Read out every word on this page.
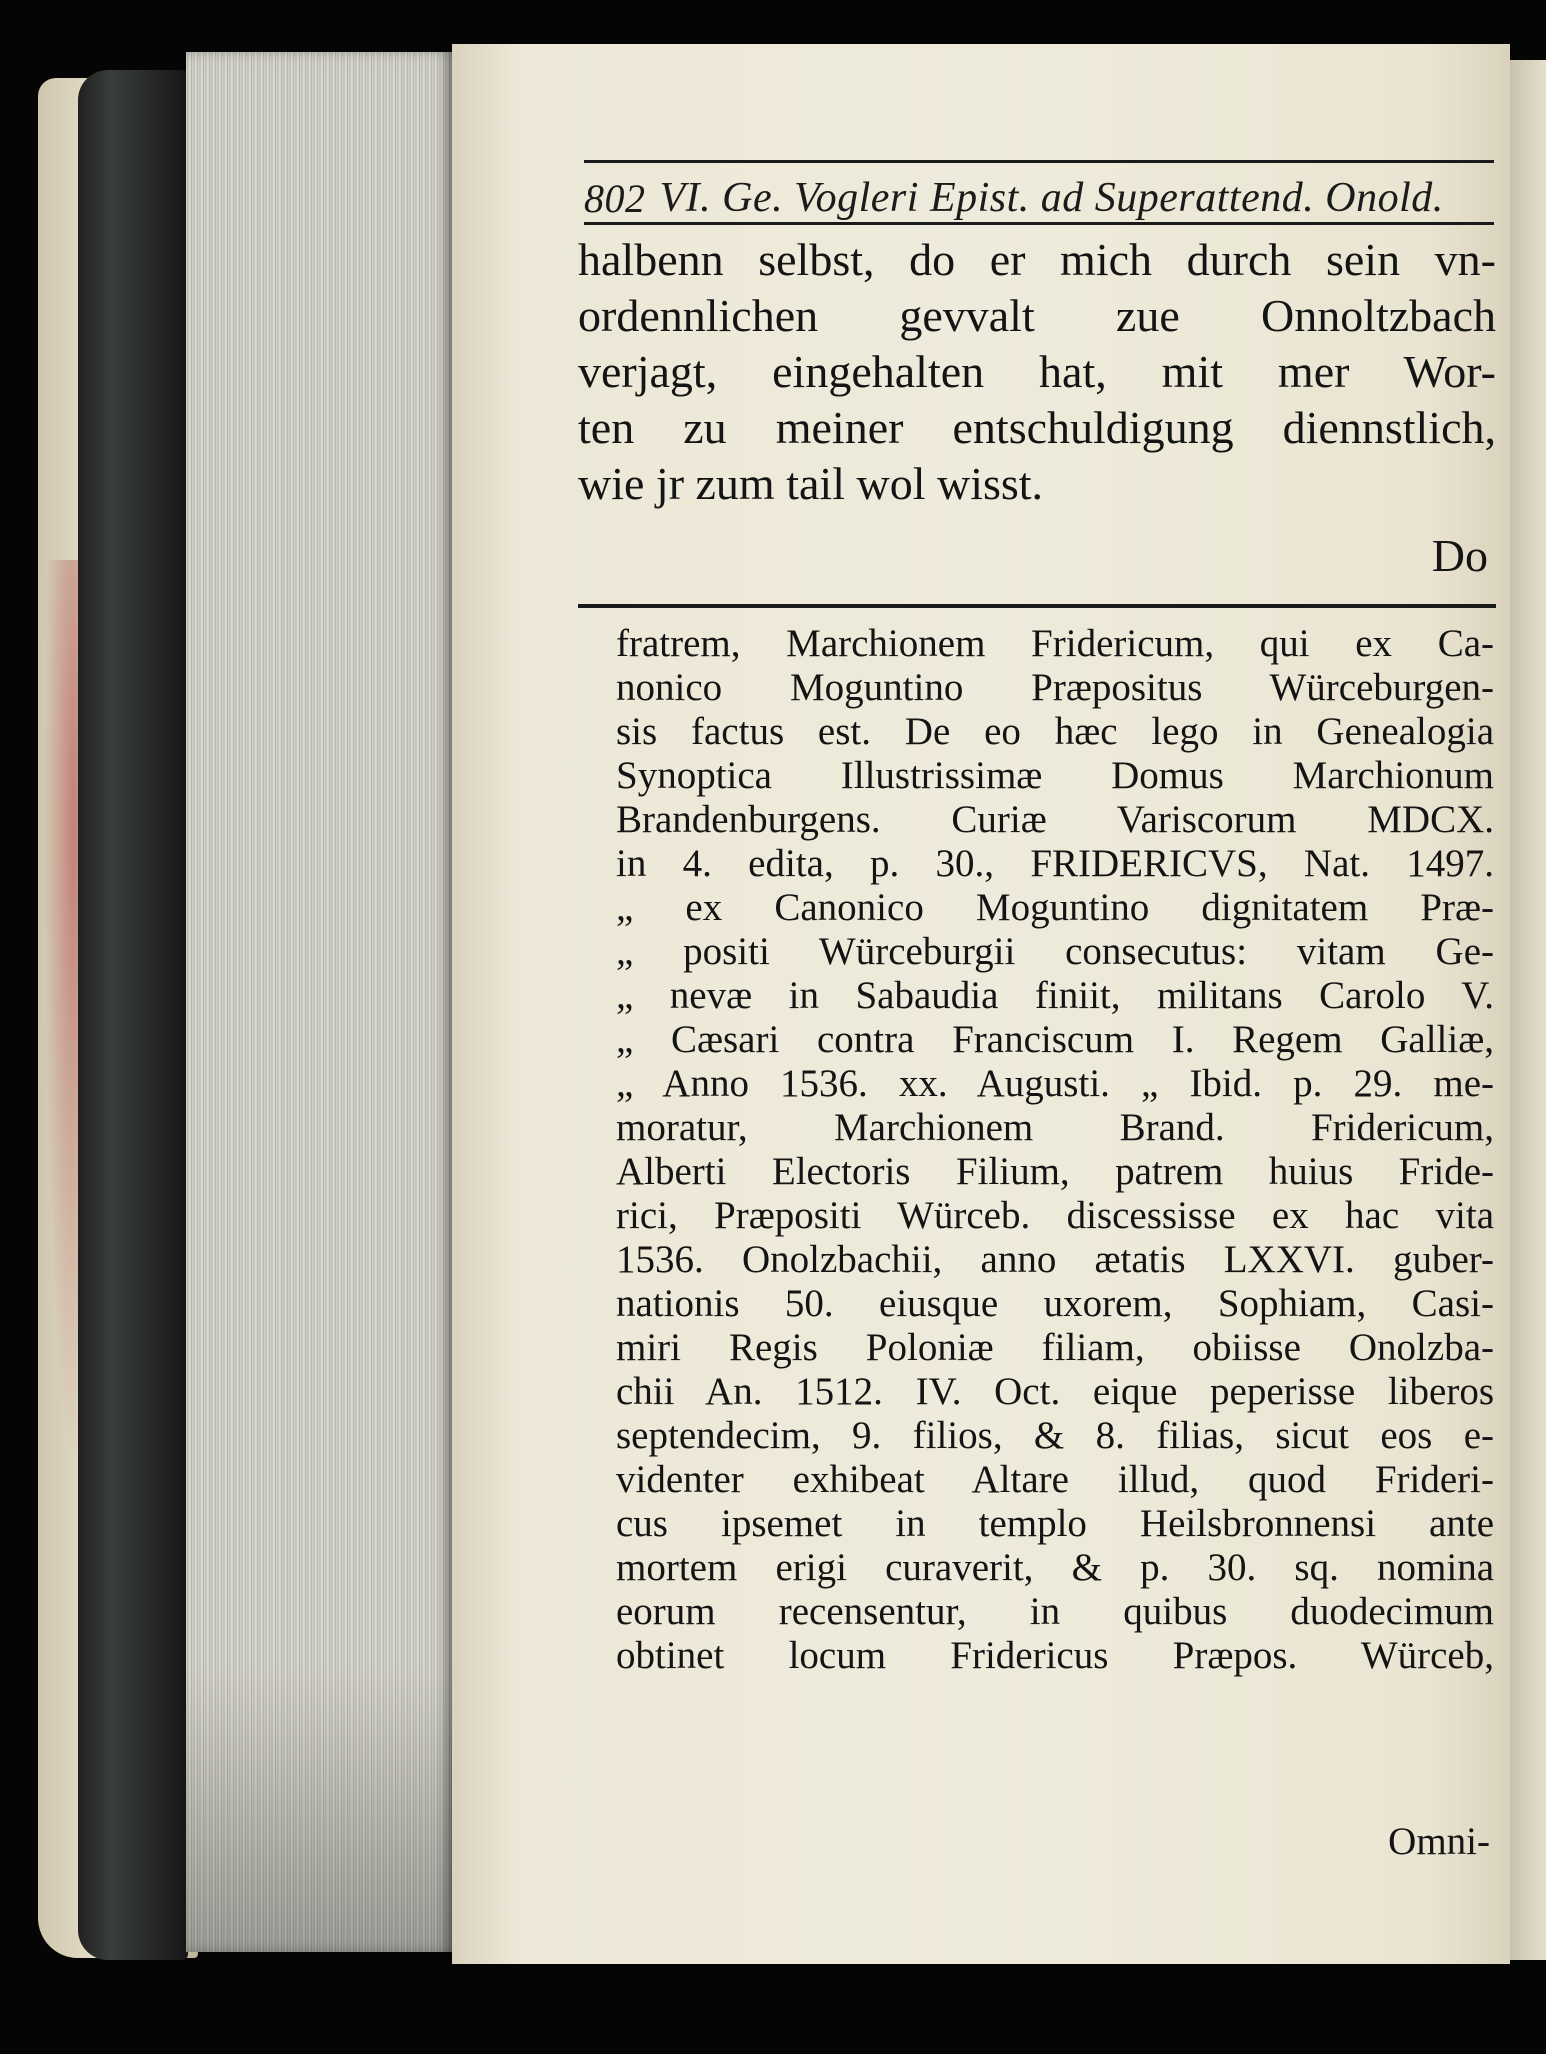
802 VI. Ge. Vogleri Epist. ad Superattend. Onold.
halbenn selbst, do er mich durch sein vn-
ordennlichen gevvalt zue Onnoltzbach
verjagt, eingehalten hat, mit mer Wor-
ten zu meiner entschuldigung diennstlich,
wie jr zum tail wol wisst.
Do
fratrem, Marchionem Fridericum, qui ex Ca-
nonico Moguntino Præpositus Würceburgen-
sis factus est. De eo hæc lego in Genealogia
Synoptica Illustrissimæ Domus Marchionum
Brandenburgens. Curiæ Variscorum MDCX.
in 4. edita, p. 30., FRIDERICVS, Nat. 1497.
„ ex Canonico Moguntino dignitatem Præ-
„ positi Würceburgii consecutus: vitam Ge-
„ nevæ in Sabaudia finiit, militans Carolo V.
„ Cæsari contra Franciscum I. Regem Galliæ,
„ Anno 1536. xx. Augusti. „ Ibid. p. 29. me-
moratur, Marchionem Brand. Fridericum,
Alberti Electoris Filium, patrem huius Fride-
rici, Præpositi Würceb. discessisse ex hac vita
1536. Onolzbachii, anno ætatis LXXVI. guber-
nationis 50. eiusque uxorem, Sophiam, Casi-
miri Regis Poloniæ filiam, obiisse Onolzba-
chii An. 1512. IV. Oct. eique peperisse liberos
septendecim, 9. filios, & 8. filias, sicut eos e-
videnter exhibeat Altare illud, quod Frideri-
cus ipsemet in templo Heilsbronnensi ante
mortem erigi curaverit, & p. 30. sq. nomina
eorum recensentur, in quibus duodecimum
obtinet locum Fridericus Præpos. Würceb,
Omni-
